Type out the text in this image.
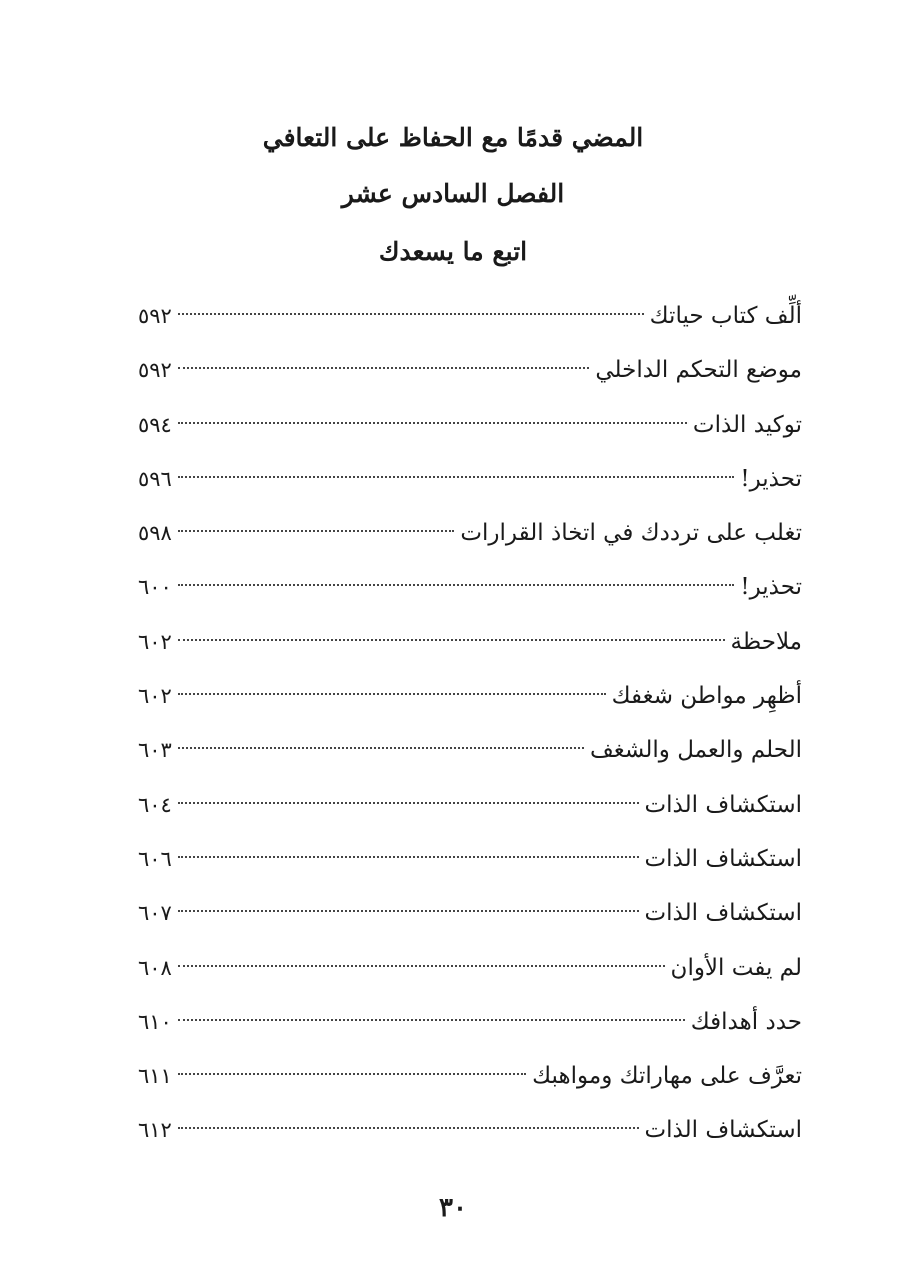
المضي قدمًا مع الحفاظ على التعافي
الفصل السادس عشر
اتبع ما يسعدك
ألِّف كتاب حياتك
٥٩٢
موضع التحكم الداخلي
٥٩٢
توكيد الذات
٥٩٤
تحذير!
٥٩٦
تغلب على ترددك في اتخاذ القرارات
٥٩٨
تحذير!
٦٠٠
ملاحظة
٦٠٢
أظهِر مواطن شغفك
٦٠٢
الحلم والعمل والشغف
٦٠٣
استكشاف الذات
٦٠٤
استكشاف الذات
٦٠٦
استكشاف الذات
٦٠٧
لم يفت الأوان
٦٠٨
حدد أهدافك
٦١٠
تعرَّف على مهاراتك ومواهبك
٦١١
استكشاف الذات
٦١٢
٣٠
